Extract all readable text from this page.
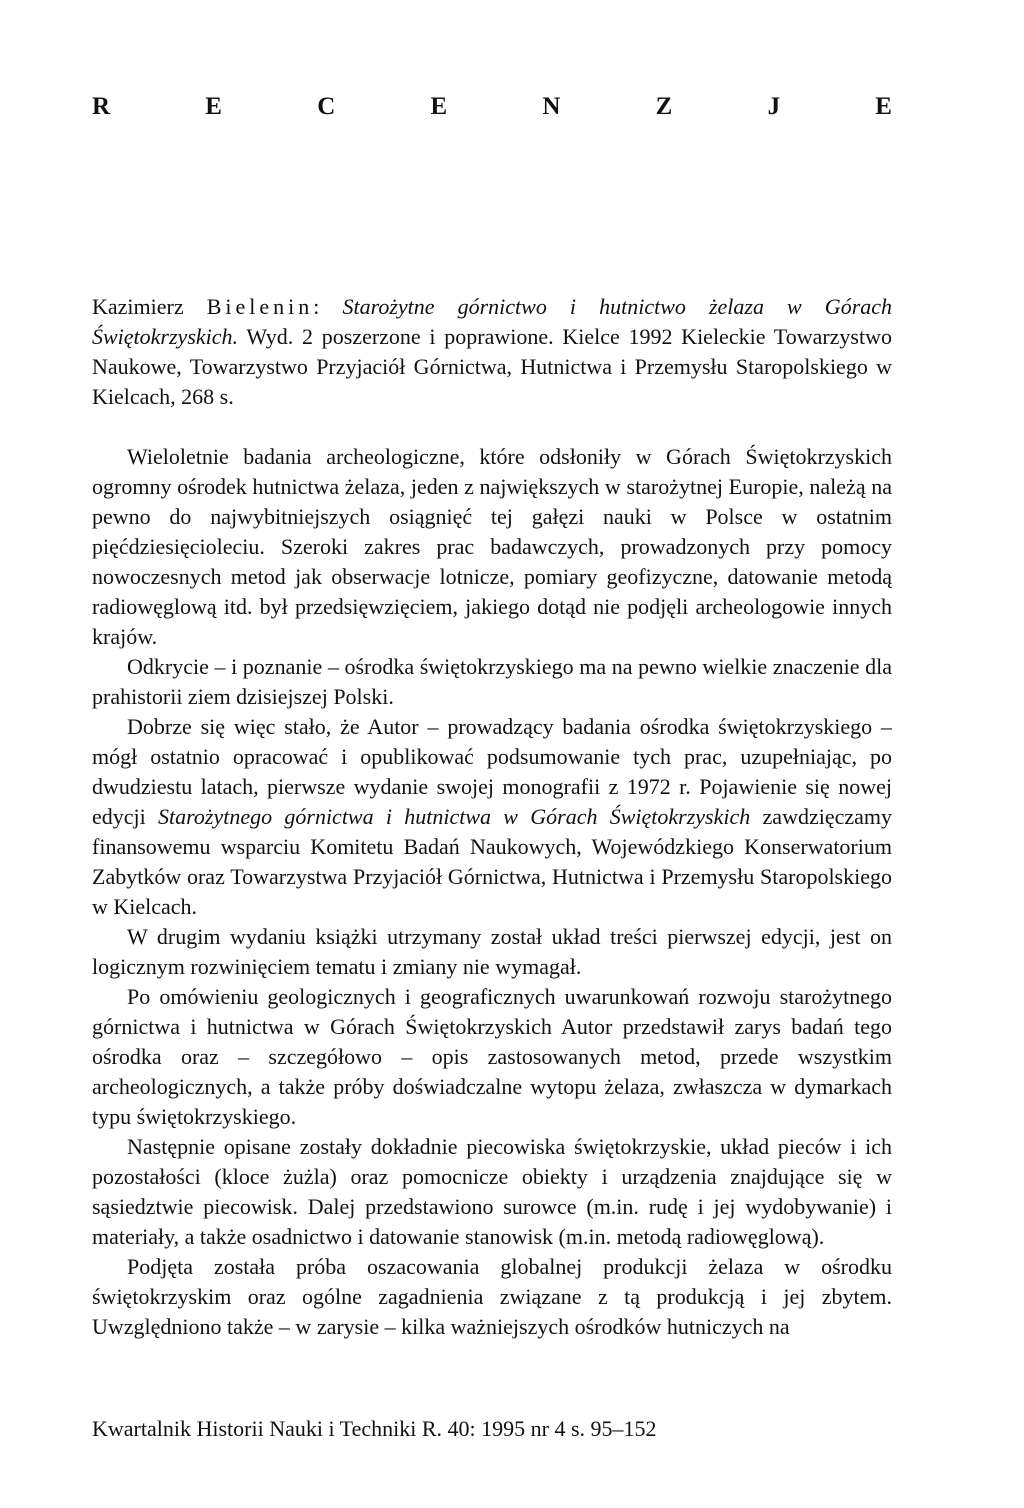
R	E	C	E	N	Z	J	E
Kazimierz Bielenin: Starożytne górnictwo i hutnictwo żelaza w Górach Świętokrzyskich. Wyd. 2 poszerzone i poprawione. Kielce 1992 Kieleckie Towarzystwo Naukowe, Towarzystwo Przyjaciół Górnictwa, Hutnictwa i Przemysłu Staropolskiego w Kielcach, 268 s.

Wieloletnie badania archeologiczne, które odsłoniły w Górach Świętokrzyskich ogromny ośrodek hutnictwa żelaza, jeden z największych w starożytnej Europie, należą na pewno do najwybitniejszych osiągnięć tej gałęzi nauki w Polsce w ostatnim pięćdziesięcioleciu. Szeroki zakres prac badawczych, prowadzonych przy pomocy nowoczesnych metod jak obserwacje lotnicze, pomiary geofizyczne, datowanie metodą radiowęglową itd. był przedsięwzięciem, jakiego dotąd nie podjęli archeologowie innych krajów.

Odkrycie – i poznanie – ośrodka świętokrzyskiego ma na pewno wielkie znaczenie dla prahistorii ziem dzisiejszej Polski.

Dobrze się więc stało, że Autor – prowadzący badania ośrodka świętokrzyskiego – mógł ostatnio opracować i opublikować podsumowanie tych prac, uzupełniając, po dwudziestu latach, pierwsze wydanie swojej monografii z 1972 r. Pojawienie się nowej edycji Starożytnego górnictwa i hutnictwa w Górach Świętokrzyskich zawdzięczamy finansowemu wsparciu Komitetu Badań Naukowych, Wojewódzkiego Konserwatorium Zabytków oraz Towarzystwa Przyjaciół Górnictwa, Hutnictwa i Przemysłu Staropolskiego w Kielcach.

W drugim wydaniu książki utrzymany został układ treści pierwszej edycji, jest on logicznym rozwinięciem tematu i zmiany nie wymagał.

Po omówieniu geologicznych i geograficznych uwarunkowań rozwoju starożytnego górnictwa i hutnictwa w Górach Świętokrzyskich Autor przedstawił zarys badań tego ośrodka oraz – szczegółowo – opis zastosowanych metod, przede wszystkim archeologicznych, a także próby doświadczalne wytopu żelaza, zwłaszcza w dymarkach typu świętokrzyskiego.

Następnie opisane zostały dokładnie piecowiska świętokrzyskie, układ pieców i ich pozostałości (kloce żużla) oraz pomocnicze obiekty i urządzenia znajdujące się w sąsiedztwie piecowisk. Dalej przedstawiono surowce (m.in. rudę i jej wydobywanie) i materiały, a także osadnictwo i datowanie stanowisk (m.in. metodą radiowęglową).

Podjęta została próba oszacowania globalnej produkcji żelaza w ośrodku świętokrzyskim oraz ogólne zagadnienia związane z tą produkcją i jej zbytem. Uwzględniono także – w zarysie – kilka ważniejszych ośrodków hutniczych na

Kwartalnik Historii Nauki i Techniki R. 40: 1995 nr 4 s. 95–152
